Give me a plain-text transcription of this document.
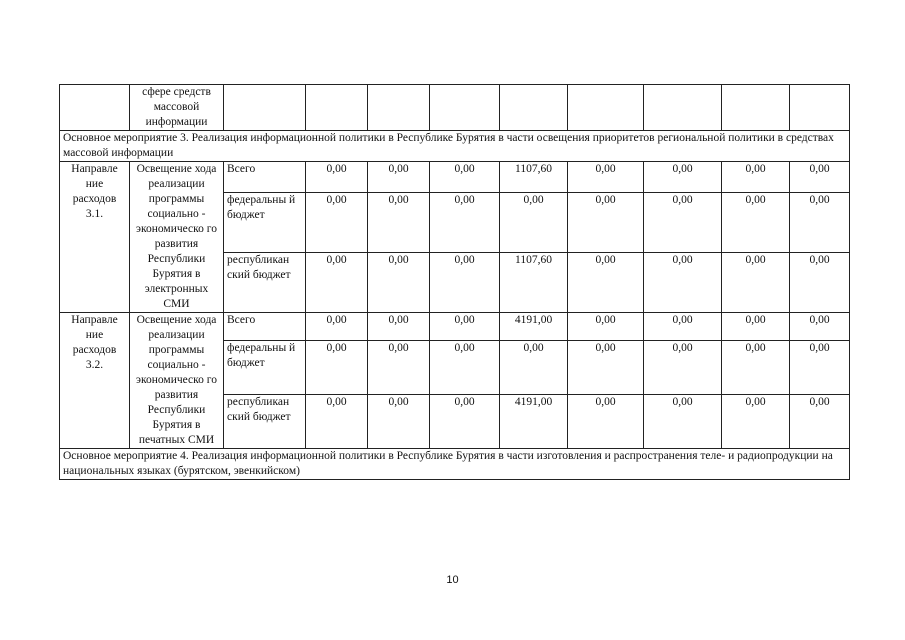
	сфере средств массовой информации									
Основное мероприятие 3. Реализация информационной политики в Республике Бурятия в части освещения приоритетов региональной политики в средствах массовой информации										
Направле ние расходов 3.1.	Освещение хода реализации программы социально - экономическо го развития Республики Бурятия в электронных СМИ	Всего	0,00	0,00	0,00	1107,60	0,00	0,00	0,00	0,00
		федеральны й бюджет	0,00	0,00	0,00	0,00	0,00	0,00	0,00	0,00
		республикан ский бюджет	0,00	0,00	0,00	1107,60	0,00	0,00	0,00	0,00
Направле ние расходов 3.2.	Освещение хода реализации программы социально - экономическо го развития Республики Бурятия в печатных СМИ	Всего	0,00	0,00	0,00	4191,00	0,00	0,00	0,00	0,00
		федеральны й бюджет	0,00	0,00	0,00	0,00	0,00	0,00	0,00	0,00
		республикан ский бюджет	0,00	0,00	0,00	4191,00	0,00	0,00	0,00	0,00
Основное мероприятие 4. Реализация информационной политики в Республике Бурятия в части изготовления и распространения теле- и радиопродукции на национальных языках (бурятском, эвенкийском)										
10
